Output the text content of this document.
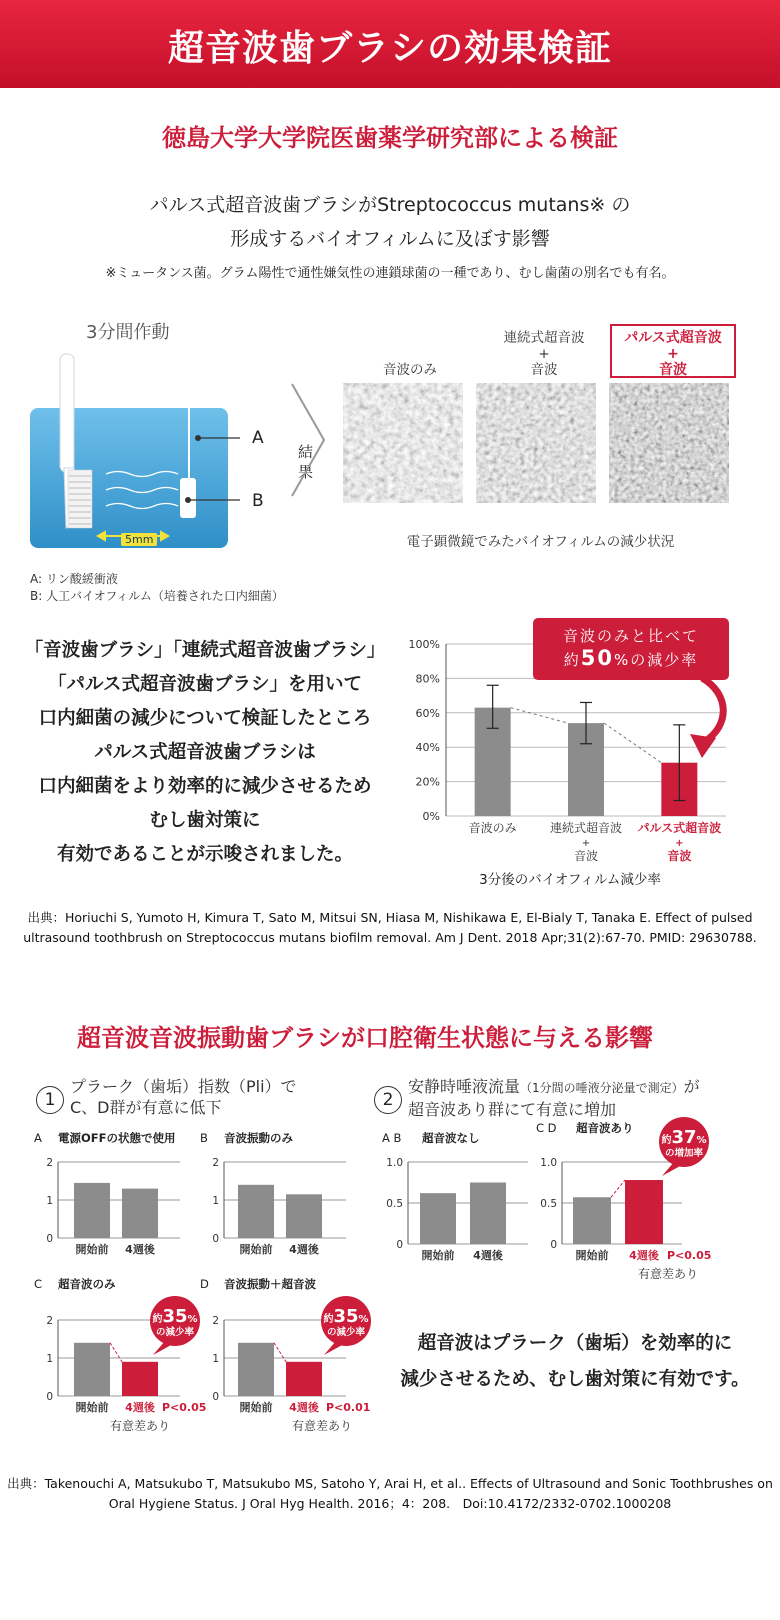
超音波歯ブラシの効果検証
徳島大学大学院医歯薬学研究部による検証
パルス式超音波歯ブラシがStreptococcus mutans※ の
形成するバイオフィルムに及ぼす影響
※ミュータンス菌。グラム陽性で通性嫌気性の連鎖球菌の一種であり、むし歯菌の別名でも有名。
3分間作動
A
B
5mm
結
果
音波のみ
連続式超音波
+
音波
パルス式超音波
+
音波
電子顕微鏡でみたバイオフィルムの減少状況
A: リン酸緩衝液
B: 人工バイオフィルム（培養された口内細菌）
「音波歯ブラシ」「連続式超音波歯ブラシ」
「パルス式超音波歯ブラシ」を用いて
口内細菌の減少について検証したところ
パルス式超音波歯ブラシは
口内細菌をより効率的に減少させるため
むし歯対策に
有効であることが示唆されました。
0%
20%
40%
60%
80%
100%
音波のみ	連続式超音波
+
音波
パルス式超音波
+
音波
音波のみと比べて
約50%の減少率
3分後のバイオフィルム減少率
出典：Horiuchi S, Yumoto H, Kimura T, Sato M, Mitsui SN, Hiasa M, Nishikawa E, El-Bialy T, Tanaka E. Effect of pulsed
ultrasound toothbrush on Streptococcus mutans biofilm removal. Am J Dent. 2018 Apr;31(2):67-70. PMID: 29630788.
超音波音波振動歯ブラシが口腔衛生状態に与える影響
1
プラーク（歯垢）指数（Pli）で
C、D群が有意に低下	2
安静時唾液流量（1分間の唾液分泌量で測定）が
超音波あり群にて有意に増加
A 電源OFFの状態で使用
0
1
2
開始前 4週後
B 音波振動のみ
0
1
2
開始前 4週後
C 超音波のみ
0
1
2
開始前 4週後 P<0.05
有意差あり
約35%
の減少率
D 音波振動＋超音波
0
1
2
開始前 4週後 P<0.01
有意差あり
約35%
の減少率
A B 超音波なし
0
0.5
1.0
開始前 4週後
C D 超音波あり
0
0.5
1.0
開始前 4週後 P<0.05
有意差あり
約37%
の増加率
超音波はプラーク（歯垢）を効率的に
減少させるため、むし歯対策に有効です。
出典：Takenouchi A, Matsukubo T, Matsukubo MS, Satoho Y, Arai H, et al.. Effects of Ultrasound and Sonic Toothbrushes on
Oral Hygiene Status. J Oral Hyg Health. 2016；4：208.　Doi:10.4172/2332-0702.1000208
